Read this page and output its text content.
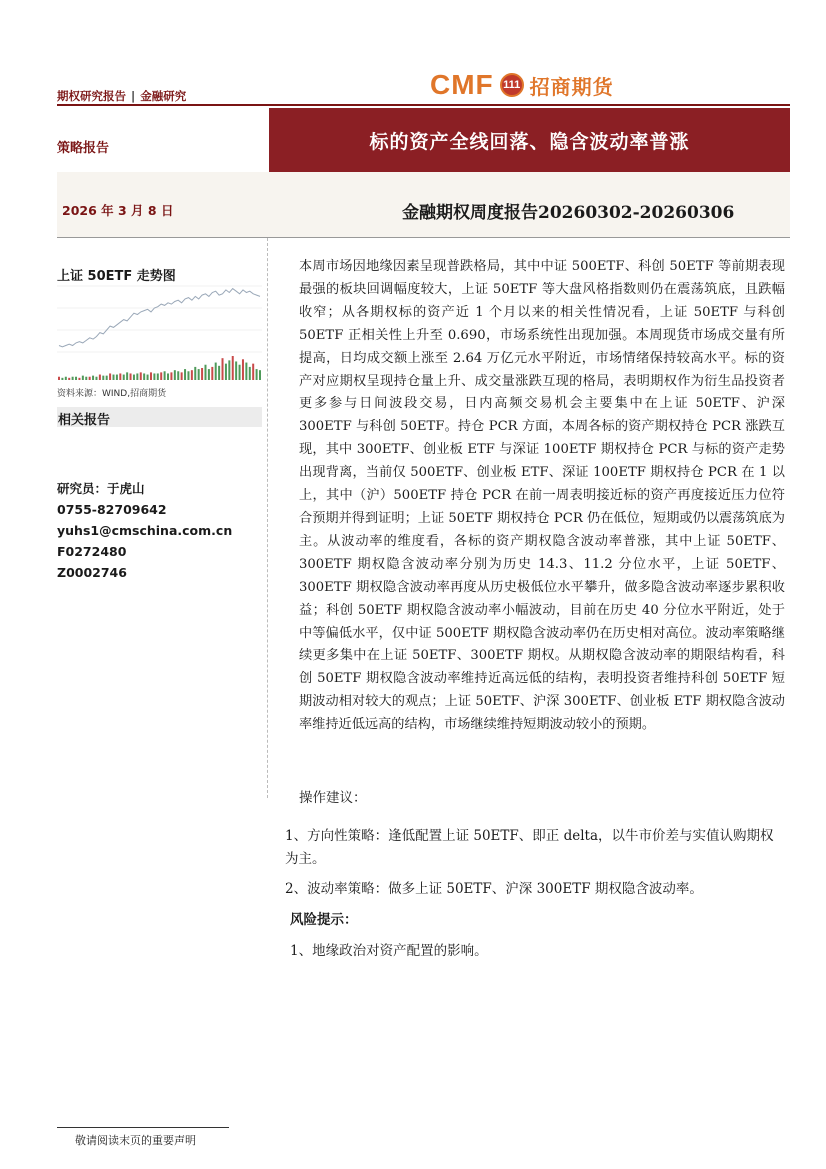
期权研究报告 | 金融研究	CMF 111 招商期货
策略报告	标的资产全线回落、隐含波动率普涨
2026 年 3 月 8 日	金融期权周度报告20260302-20260306
上证 50ETF 走势图
资料来源：WIND,招商期货
相关报告
研究员：于虎山
0755-82709642
yuhs1@cmschina.com.cn
F0272480
Z0002746

本周市场因地缘因素呈现普跌格局，其中中证 500ETF、科创 50ETF 等前期表现最强的板块回调幅度较大，上证 50ETF 等大盘风格指数则仍在震荡筑底，且跌幅收窄；从各期权标的资产近 1 个月以来的相关性情况看，上证 50ETF 与科创 50ETF 正相关性上升至 0.690，市场系统性出现加强。本周现货市场成交量有所提高，日均成交额上涨至 2.64 万亿元水平附近，市场情绪保持较高水平。标的资产对应期权呈现持仓量上升、成交量涨跌互现的格局，表明期权作为衍生品投资者更多参与日间波段交易，日内高频交易机会主要集中在上证 50ETF、沪深 300ETF 与科创 50ETF。持仓 PCR 方面，本周各标的资产期权持仓 PCR 涨跌互现，其中 300ETF、创业板 ETF 与深证 100ETF 期权持仓 PCR 与标的资产走势出现背离，当前仅 500ETF、创业板 ETF、深证 100ETF 期权持仓 PCR 在 1 以上，其中（沪）500ETF 持仓 PCR 在前一周表明接近标的资产再度接近压力位符合预期并得到证明；上证 50ETF 期权持仓 PCR 仍在低位，短期或仍以震荡筑底为主。从波动率的维度看，各标的资产期权隐含波动率普涨，其中上证 50ETF、300ETF 期权隐含波动率分别为历史 14.3、11.2 分位水平，上证 50ETF、300ETF 期权隐含波动率再度从历史极低位水平攀升，做多隐含波动率逐步累积收益；科创 50ETF 期权隐含波动率小幅波动，目前在历史 40 分位水平附近，处于中等偏低水平，仅中证 500ETF 期权隐含波动率仍在历史相对高位。波动率策略继续更多集中在上证 50ETF、300ETF 期权。从期权隐含波动率的期限结构看，科创 50ETF 期权隐含波动率维持近高远低的结构，表明投资者维持科创 50ETF 短期波动相对较大的观点；上证 50ETF、沪深 300ETF、创业板 ETF 期权隐含波动率维持近低远高的结构，市场继续维持短期波动较小的预期。

操作建议：
1、方向性策略：逢低配置上证 50ETF、即正 delta，以牛市价差与实值认购期权为主。
2、波动率策略：做多上证 50ETF、沪深 300ETF 期权隐含波动率。
风险提示：
1、地缘政治对资产配置的影响。
敬请阅读末页的重要声明
